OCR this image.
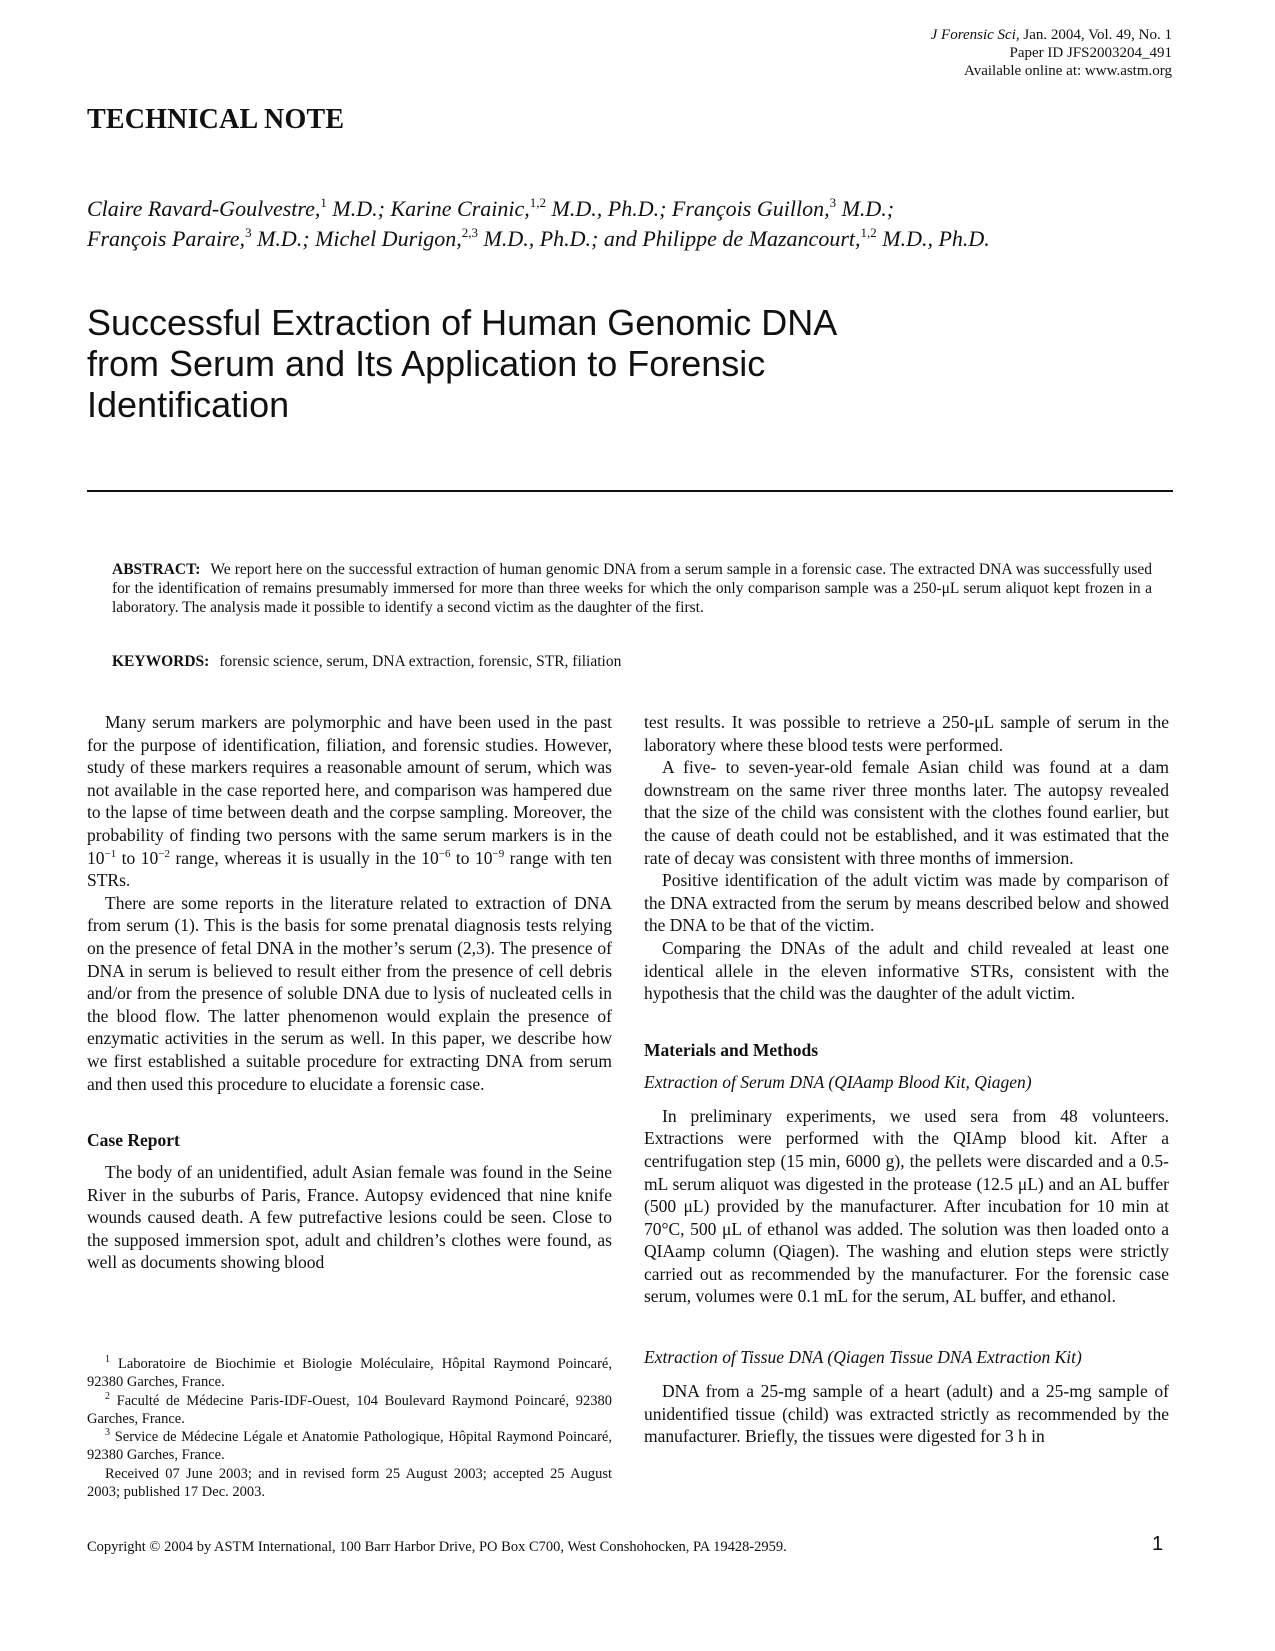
J Forensic Sci, Jan. 2004, Vol. 49, No. 1
Paper ID JFS2003204_491
Available online at: www.astm.org
TECHNICAL NOTE
Claire Ravard-Goulvestre,$^1$ M.D.; Karine Crainic,$^{1,2}$ M.D., Ph.D.; François Guillon,$^3$ M.D.;
François Paraire,$^3$ M.D.; Michel Durigon,$^{2,3}$ M.D., Ph.D.; and Philippe de Mazancourt,$^{1,2}$ M.D., Ph.D.
Successful Extraction of Human Genomic DNA
from Serum and Its Application to Forensic
Identification
ABSTRACT: We report here on the successful extraction of human genomic DNA from a serum sample in a forensic case. The extracted DNA was successfully used for the identification of remains presumably immersed for more than three weeks for which the only comparison sample was a 250-μL serum aliquot kept frozen in a laboratory. The analysis made it possible to identify a second victim as the daughter of the first.
KEYWORDS: forensic science, serum, DNA extraction, forensic, STR, filiation

Many serum markers are polymorphic and have been used in the past for the purpose of identification, filiation, and forensic studies. However, study of these markers requires a reasonable amount of serum, which was not available in the case reported here, and comparison was hampered due to the lapse of time between death and the corpse sampling. Moreover, the probability of finding two persons with the same serum markers is in the $10^{-1}$ to $10^{-2}$ range, whereas it is usually in the $10^{-6}$ to $10^{-9}$ range with ten STRs.

There are some reports in the literature related to extraction of DNA from serum (1). This is the basis for some prenatal diagnosis tests relying on the presence of fetal DNA in the mother’s serum (2,3). The presence of DNA in serum is believed to result either from the presence of cell debris and/or from the presence of soluble DNA due to lysis of nucleated cells in the blood flow. The latter phenomenon would explain the presence of enzymatic activities in the serum as well. In this paper, we describe how we first established a suitable procedure for extracting DNA from serum and then used this procedure to elucidate a forensic case.

Case Report

The body of an unidentified, adult Asian female was found in the Seine River in the suburbs of Paris, France. Autopsy evidenced that nine knife wounds caused death. A few putrefactive lesions could be seen. Close to the supposed immersion spot, adult and children’s clothes were found, as well as documents showing blood

test results. It was possible to retrieve a 250-μL sample of serum in the laboratory where these blood tests were performed.

A five- to seven-year-old female Asian child was found at a dam downstream on the same river three months later. The autopsy revealed that the size of the child was consistent with the clothes found earlier, but the cause of death could not be established, and it was estimated that the rate of decay was consistent with three months of immersion.

Positive identification of the adult victim was made by comparison of the DNA extracted from the serum by means described below and showed the DNA to be that of the victim.

Comparing the DNAs of the adult and child revealed at least one identical allele in the eleven informative STRs, consistent with the hypothesis that the child was the daughter of the adult victim.

Materials and Methods
Extraction of Serum DNA (QIAamp Blood Kit, Qiagen)

In preliminary experiments, we used sera from 48 volunteers. Extractions were performed with the QIAmp blood kit. After a centrifugation step (15 min, 6000 g), the pellets were discarded and a 0.5-mL serum aliquot was digested in the protease (12.5 μL) and an AL buffer (500 μL) provided by the manufacturer. After incubation for 10 min at 70°C, 500 μL of ethanol was added. The solution was then loaded onto a QIAamp column (Qiagen). The washing and elution steps were strictly carried out as recommended by the manufacturer. For the forensic case serum, volumes were 0.1 mL for the serum, AL buffer, and ethanol.

Extraction of Tissue DNA (Qiagen Tissue DNA Extraction Kit)

DNA from a 25-mg sample of a heart (adult) and a 25-mg sample of unidentified tissue (child) was extracted strictly as recommended by the manufacturer. Briefly, the tissues were digested for 3 h in

$^1$ Laboratoire de Biochimie et Biologie Moléculaire, Hôpital Raymond Poincaré, 92380 Garches, France.

$^2$ Faculté de Médecine Paris-IDF-Ouest, 104 Boulevard Raymond Poincaré, 92380 Garches, France.

$^3$ Service de Médecine Légale et Anatomie Pathologique, Hôpital Raymond Poincaré, 92380 Garches, France.

Received 07 June 2003; and in revised form 25 August 2003; accepted 25 August 2003; published 17 Dec. 2003.

Copyright © 2004 by ASTM International, 100 Barr Harbor Drive, PO Box C700, West Conshohocken, PA 19428-2959.	1
